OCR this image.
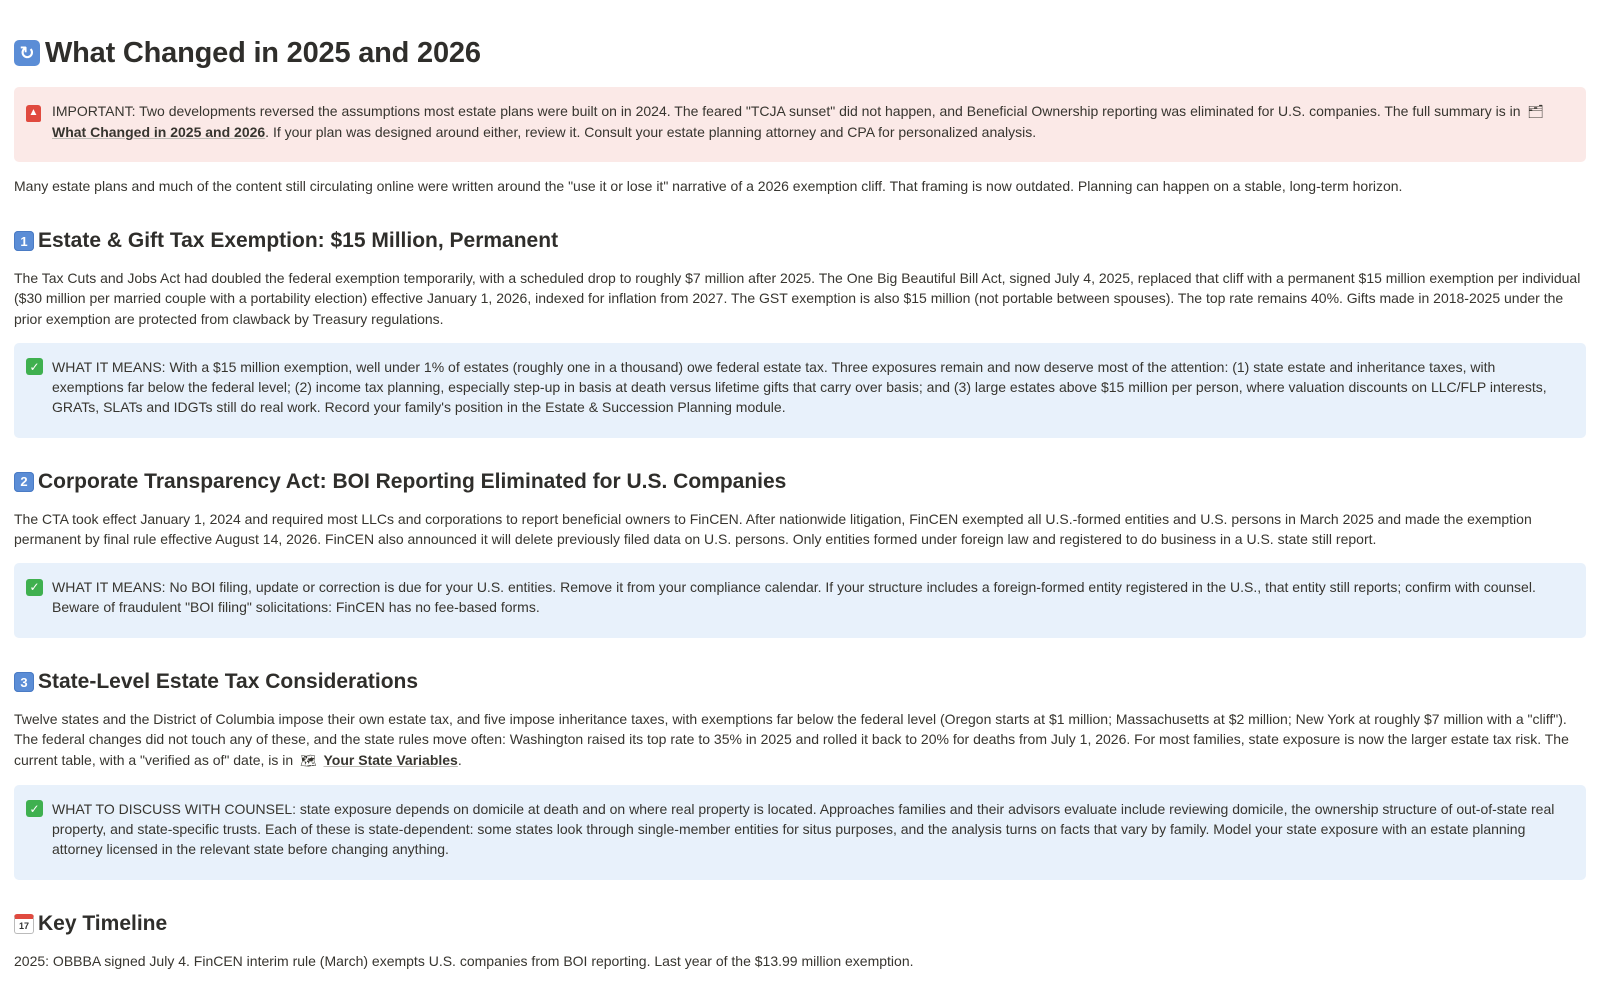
↻ What Changed in 2025 and 2026
▲ IMPORTANT: Two developments reversed the assumptions most estate plans were built on in 2024. The feared "TCJA sunset" did not happen, and Beneficial Ownership reporting was eliminated for U.S. companies. The full summary is in 🗂What Changed in 2025 and 2026. If your plan was designed around either, review it. Consult your estate planning attorney and CPA for personalized analysis.

Many estate plans and much of the content still circulating online were written around the "use it or lose it" narrative of a 2026 exemption cliff. That framing is now outdated. Planning can happen on a stable, long-term horizon.

1 Estate & Gift Tax Exemption: $15 Million, Permanent

The Tax Cuts and Jobs Act had doubled the federal exemption temporarily, with a scheduled drop to roughly $7 million after 2025. The One Big Beautiful Bill Act, signed July 4, 2025, replaced that cliff with a permanent $15 million exemption per individual ($30 million per married couple with a portability election) effective January 1, 2026, indexed for inflation from 2027. The GST exemption is also $15 million (not portable between spouses). The top rate remains 40%. Gifts made in 2018-2025 under the prior exemption are protected from clawback by Treasury regulations.

✓ WHAT IT MEANS: With a $15 million exemption, well under 1% of estates (roughly one in a thousand) owe federal estate tax. Three exposures remain and now deserve most of the attention: (1) state estate and inheritance taxes, with exemptions far below the federal level; (2) income tax planning, especially step-up in basis at death versus lifetime gifts that carry over basis; and (3) large estates above $15 million per person, where valuation discounts on LLC/FLP interests, GRATs, SLATs and IDGTs still do real work. Record your family's position in the Estate & Succession Planning module.
2 Corporate Transparency Act: BOI Reporting Eliminated for U.S. Companies

The CTA took effect January 1, 2024 and required most LLCs and corporations to report beneficial owners to FinCEN. After nationwide litigation, FinCEN exempted all U.S.-formed entities and U.S. persons in March 2025 and made the exemption permanent by final rule effective August 14, 2026. FinCEN also announced it will delete previously filed data on U.S. persons. Only entities formed under foreign law and registered to do business in a U.S. state still report.

✓ WHAT IT MEANS: No BOI filing, update or correction is due for your U.S. entities. Remove it from your compliance calendar. If your structure includes a foreign-formed entity registered in the U.S., that entity still reports; confirm with counsel. Beware of fraudulent "BOI filing" solicitations: FinCEN has no fee-based forms.
3 State-Level Estate Tax Considerations

Twelve states and the District of Columbia impose their own estate tax, and five impose inheritance taxes, with exemptions far below the federal level (Oregon starts at $1 million; Massachusetts at $2 million; New York at roughly $7 million with a "cliff"). The federal changes did not touch any of these, and the state rules move often: Washington raised its top rate to 35% in 2025 and rolled it back to 20% for deaths from July 1, 2026. For most families, state exposure is now the larger estate tax risk. The current table, with a "verified as of" date, is in 🗺 Your State Variables.

✓ WHAT TO DISCUSS WITH COUNSEL: state exposure depends on domicile at death and on where real property is located. Approaches families and their advisors evaluate include reviewing domicile, the ownership structure of out-of-state real property, and state-specific trusts. Each of these is state-dependent: some states look through single-member entities for situs purposes, and the analysis turns on facts that vary by family. Model your state exposure with an estate planning attorney licensed in the relevant state before changing anything.
17 Key Timeline

2025: OBBBA signed July 4. FinCEN interim rule (March) exempts U.S. companies from BOI reporting. Last year of the $13.99 million exemption.
